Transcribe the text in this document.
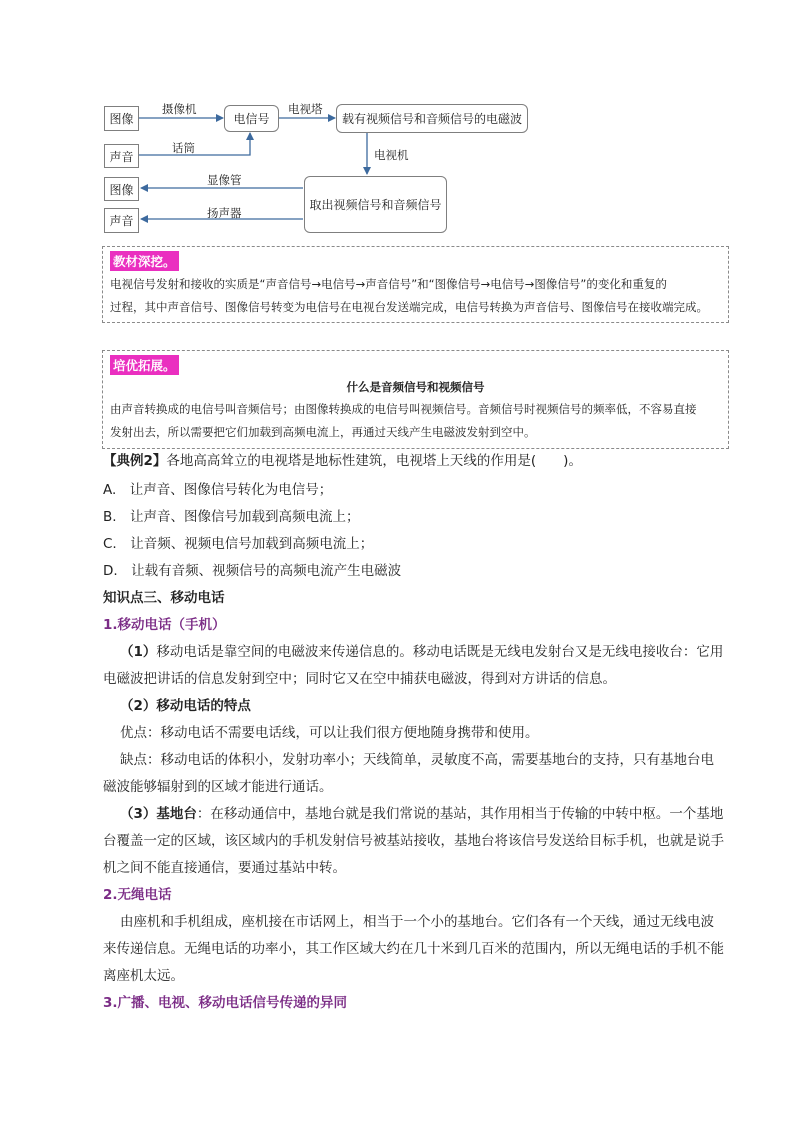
图像
声音
电信号	载有视频信号和音频信号的电磁波
图像
声音
取出视频信号和音频信号
摄像机
话筒
电视塔
电视机
显像管
扬声器
教材深挖。
电视信号发射和接收的实质是“声音信号→电信号→声音信号”和“图像信号→电信号→图像信号”的变化和重复的
过程，其中声音信号、图像信号转变为电信号在电视台发送端完成，电信号转换为声音信号、图像信号在接收端完成。
培优拓展。
什么是音频信号和视频信号
由声音转换成的电信号叫音频信号；由图像转换成的电信号叫视频信号。音频信号时视频信号的频率低，不容易直接
发射出去，所以需要把它们加载到高频电流上，再通过天线产生电磁波发射到空中。
【典例2】各地高高耸立的电视塔是地标性建筑，电视塔上天线的作用是(　　)。
A.　让声音、图像信号转化为电信号；
B.　让声音、图像信号加载到高频电流上；
C.　让音频、视频电信号加载到高频电流上；
D.　让载有音频、视频信号的高频电流产生电磁波
知识点三、移动电话
1.移动电话（手机）
（1）移动电话是靠空间的电磁波来传递信息的。移动电话既是无线电发射台又是无线电接收台：它用
电磁波把讲话的信息发射到空中；同时它又在空中捕获电磁波，得到对方讲话的信息。
（2）移动电话的特点
优点：移动电话不需要电话线，可以让我们很方便地随身携带和使用。
缺点：移动电话的体积小，发射功率小；天线简单，灵敏度不高，需要基地台的支持，只有基地台电
磁波能够辐射到的区域才能进行通话。
（3）基地台：在移动通信中，基地台就是我们常说的基站，其作用相当于传输的中转中枢。一个基地
台覆盖一定的区域，该区域内的手机发射信号被基站接收，基地台将该信号发送给目标手机，也就是说手
机之间不能直接通信，要通过基站中转。
2.无绳电话
由座机和手机组成，座机接在市话网上，相当于一个小的基地台。它们各有一个天线，通过无线电波
来传递信息。无绳电话的功率小，其工作区域大约在几十米到几百米的范围内，所以无绳电话的手机不能
离座机太远。
3.广播、电视、移动电话信号传递的异同
